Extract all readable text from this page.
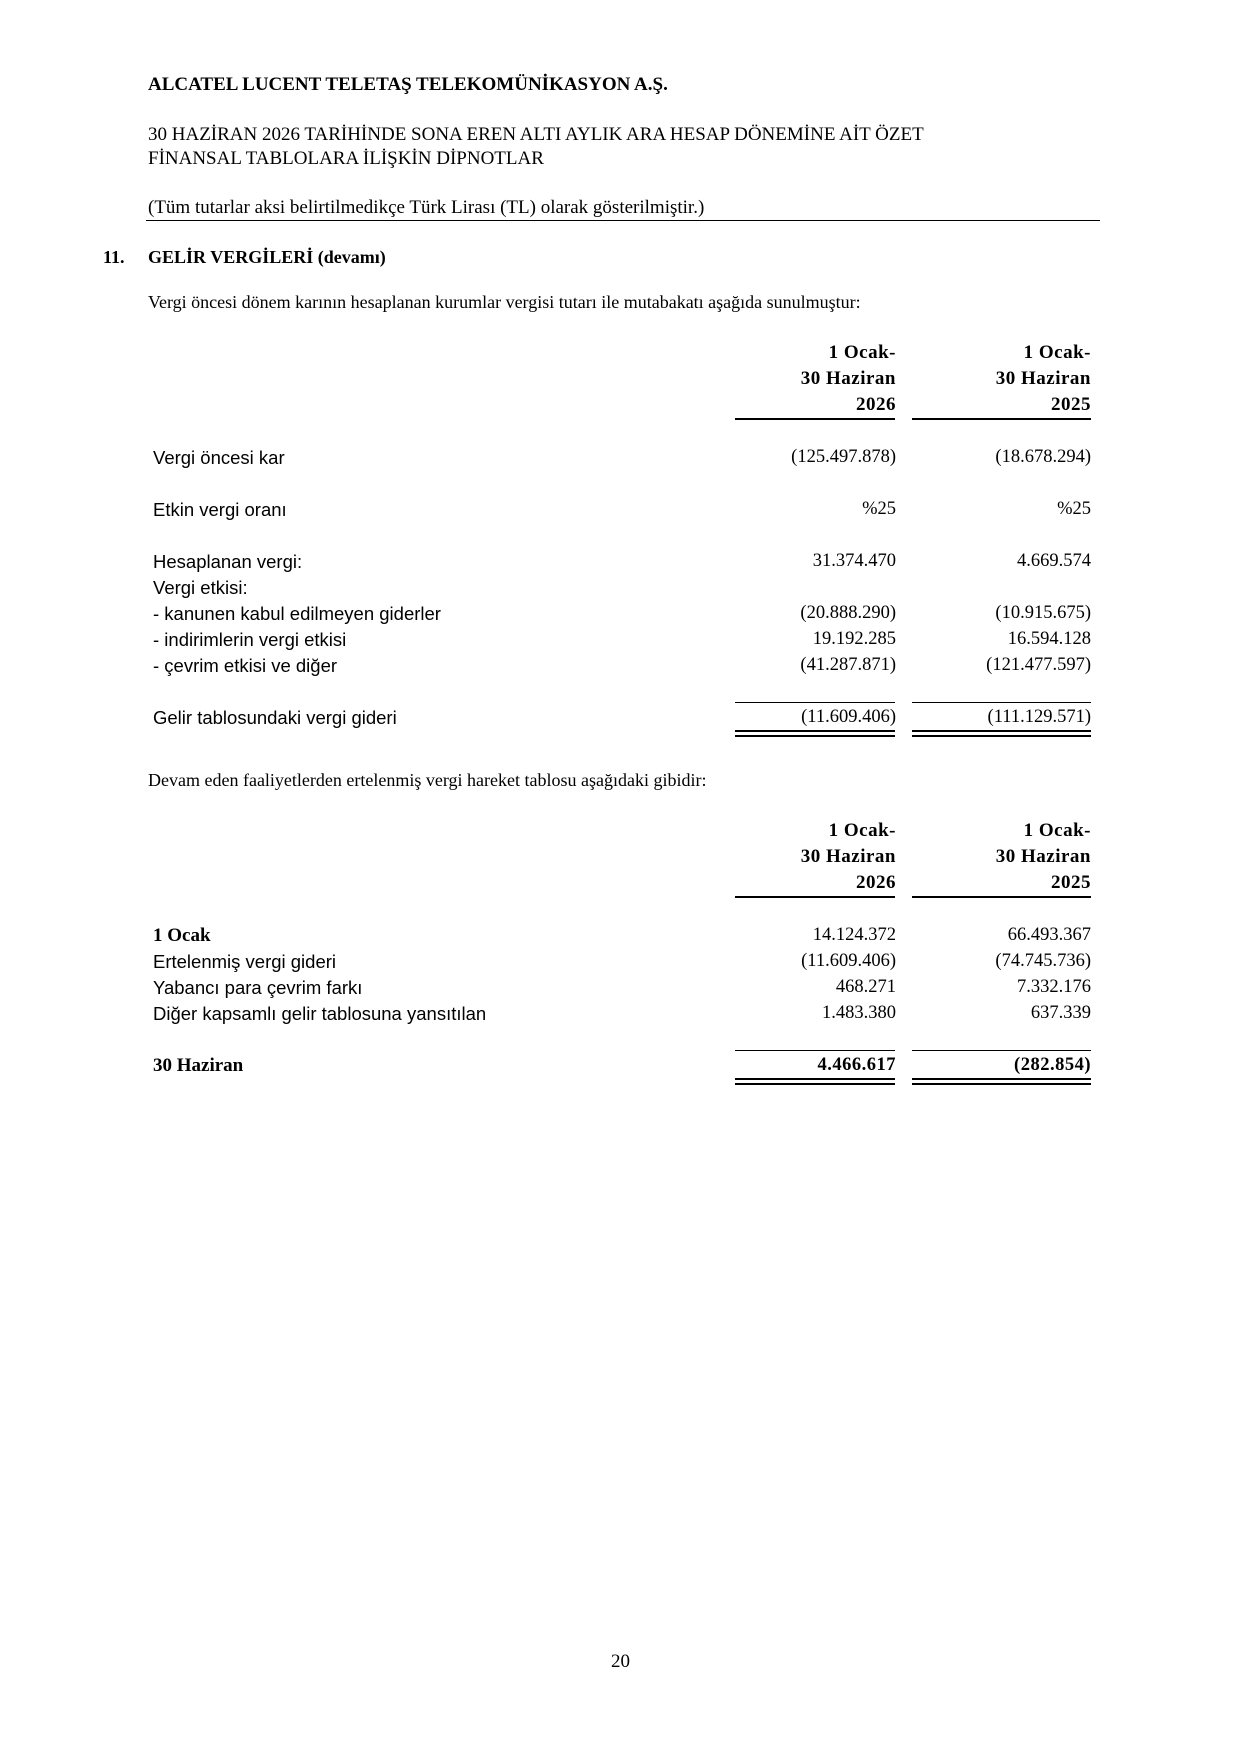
ALCATEL LUCENT TELETAŞ TELEKOMÜNİKASYON A.Ş.
30 HAZİRAN 2026 TARİHİNDE SONA EREN ALTI AYLIK ARA HESAP DÖNEMİNE AİT ÖZET
FİNANSAL TABLOLARA İLİŞKİN DİPNOTLAR
(Tüm tutarlar aksi belirtilmedikçe Türk Lirası (TL) olarak gösterilmiştir.)
11. GELİR VERGİLERİ (devamı)
Vergi öncesi dönem karının hesaplanan kurumlar vergisi tutarı ile mutabakatı aşağıda sunulmuştur:
1 Ocak-
30 Haziran
2026
1 Ocak-
30 Haziran
2025
Vergi öncesi kar	(125.497.878)	(18.678.294)
Etkin vergi oranı	%25	%25
Hesaplanan vergi:	31.374.470	4.669.574
Vergi etkisi:
- kanunen kabul edilmeyen giderler	(20.888.290)	(10.915.675)
- indirimlerin vergi etkisi	19.192.285	16.594.128
- çevrim etkisi ve diğer	(41.287.871)	(121.477.597)
Gelir tablosundaki vergi gideri	(11.609.406)	(111.129.571)
Devam eden faaliyetlerden ertelenmiş vergi hareket tablosu aşağıdaki gibidir:
1 Ocak-
30 Haziran
2026
1 Ocak-
30 Haziran
2025
1 Ocak	14.124.372	66.493.367
Ertelenmiş vergi gideri	(11.609.406)	(74.745.736)
Yabancı para çevrim farkı	468.271	7.332.176
Diğer kapsamlı gelir tablosuna yansıtılan	1.483.380	637.339
30 Haziran	4.466.617	(282.854)
20
